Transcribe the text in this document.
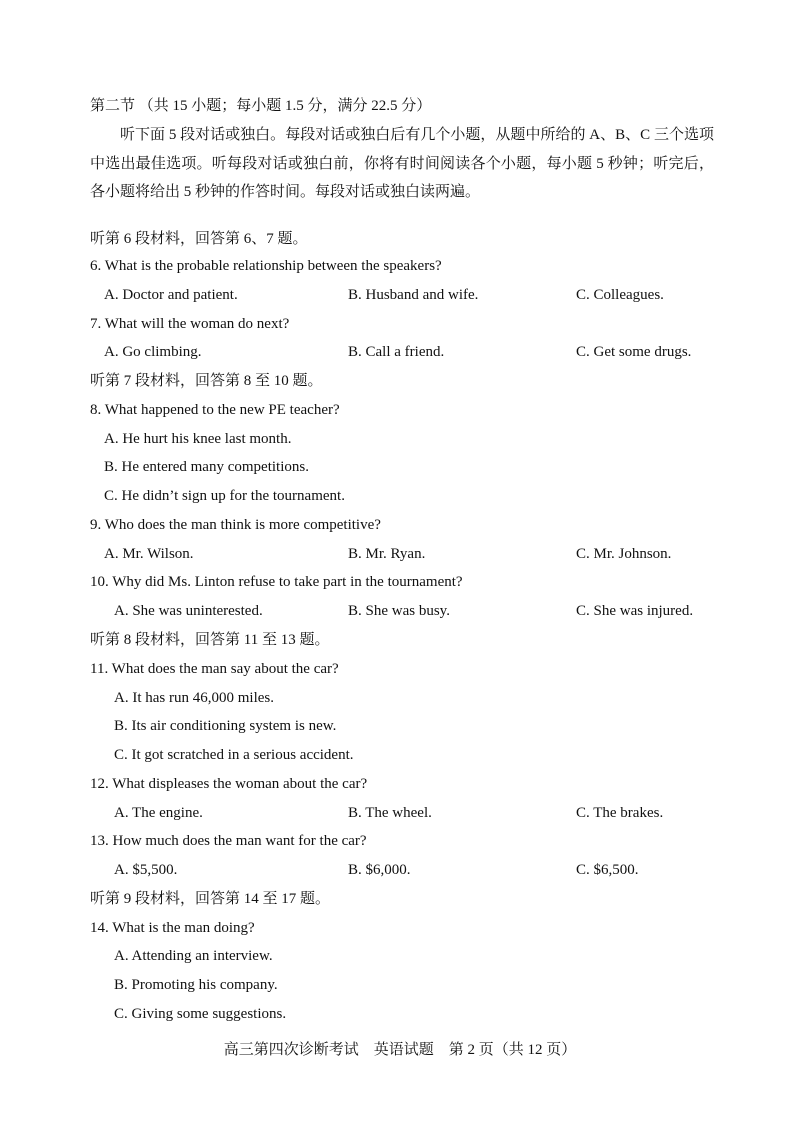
第二节 （共 15 小题；每小题 1.5 分，满分 22.5 分）
听下面 5 段对话或独白。每段对话或独白后有几个小题，从题中所给的 A、B、C 三个选项中选出最佳选项。听每段对话或独白前，你将有时间阅读各个小题，每小题 5 秒钟；听完后，各小题将给出 5 秒钟的作答时间。每段对话或独白读两遍。
听第 6 段材料，回答第 6、7 题。
6. What is the probable relationship between the speakers?
A. Doctor and patient.	B. Husband and wife.	C. Colleagues.
7. What will the woman do next?
A. Go climbing.	B. Call a friend.	C. Get some drugs.
听第 7 段材料，回答第 8 至 10 题。
8. What happened to the new PE teacher?
A. He hurt his knee last month.
B. He entered many competitions.
C. He didn’t sign up for the tournament.
9. Who does the man think is more competitive?
A. Mr. Wilson.	B. Mr. Ryan.	C. Mr. Johnson.
10. Why did Ms. Linton refuse to take part in the tournament?
A. She was uninterested.	B. She was busy.	C. She was injured.
听第 8 段材料，回答第 11 至 13 题。
11. What does the man say about the car?
A. It has run 46,000 miles.
B. Its air conditioning system is new.
C. It got scratched in a serious accident.
12. What displeases the woman about the car?
A. The engine.	B. The wheel.	C. The brakes.
13. How much does the man want for the car?
A. $5,500.	B. $6,000.	C. $6,500.
听第 9 段材料，回答第 14 至 17 题。
14. What is the man doing?
A. Attending an interview.
B. Promoting his company.
C. Giving some suggestions.
高三第四次诊断考试　英语试题　第 2 页（共 12 页）
